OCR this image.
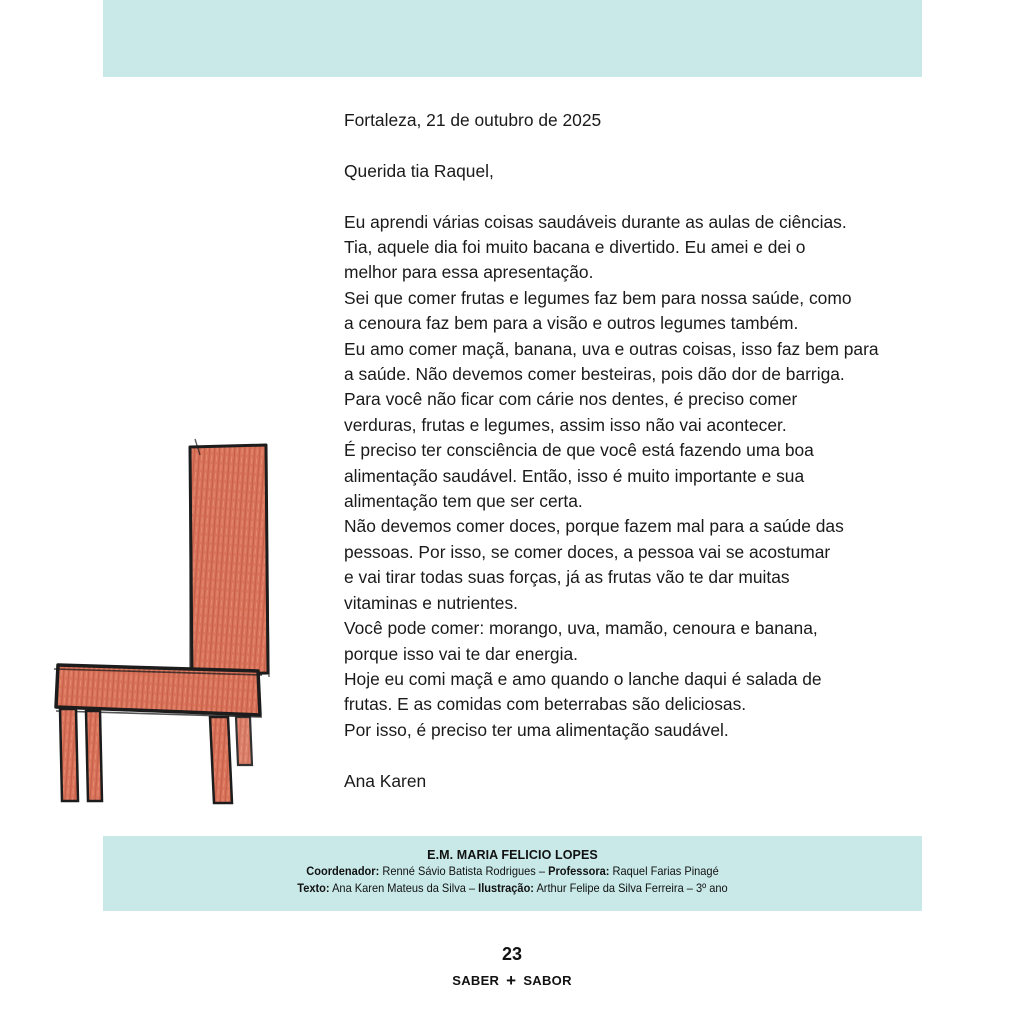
Fortaleza, 21 de outubro de 2025

Querida tia Raquel,

Eu aprendi várias coisas saudáveis durante as aulas de ciências.

Tia, aquele dia foi muito bacana e divertido. Eu amei e dei o

melhor para essa apresentação.

Sei que comer frutas e legumes faz bem para nossa saúde, como

a cenoura faz bem para a visão e outros legumes também.

Eu amo comer maçã, banana, uva e outras coisas, isso faz bem para

a saúde. Não devemos comer besteiras, pois dão dor de barriga.

Para você não ficar com cárie nos dentes, é preciso comer

verduras, frutas e legumes, assim isso não vai acontecer.

É preciso ter consciência de que você está fazendo uma boa

alimentação saudável. Então, isso é muito importante e sua

alimentação tem que ser certa.

Não devemos comer doces, porque fazem mal para a saúde das

pessoas. Por isso, se comer doces, a pessoa vai se acostumar

e vai tirar todas suas forças, já as frutas vão te dar muitas

vitaminas e nutrientes.

Você pode comer: morango, uva, mamão, cenoura e banana,

porque isso vai te dar energia.

Hoje eu comi maçã e amo quando o lanche daqui é salada de

frutas. E as comidas com beterrabas são deliciosas.

Por isso, é preciso ter uma alimentação saudável.

Ana Karen

E.M. MARIA FELICIO LOPES
Coordenador: Renné Sávio Batista Rodrigues – Professora: Raquel Farias Pinagé
Texto: Ana Karen Mateus da Silva – Ilustração: Arthur Felipe da Silva Ferreira – 3º ano
23
SABER + SABOR
